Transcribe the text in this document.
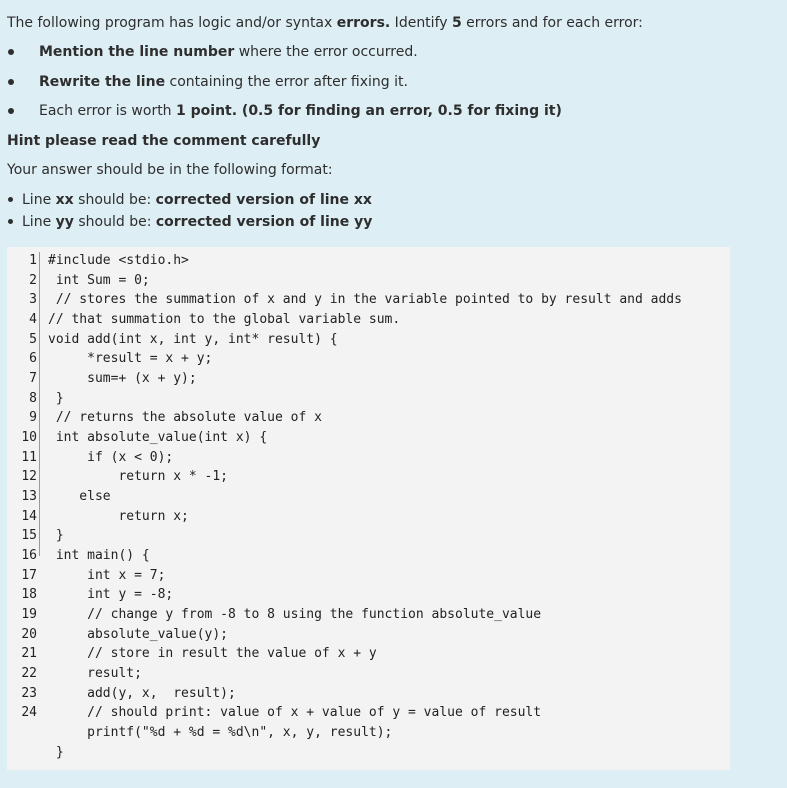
The following program has logic and/or syntax errors. Identify 5 errors and for each error:
Mention the line number where the error occurred.
Rewrite the line containing the error after fixing it.
Each error is worth 1 point. (0.5 for finding an error, 0.5 for fixing it)
Hint please read the comment carefully
Your answer should be in the following format:
Line xx should be: corrected version of line xx
Line yy should be: corrected version of line yy
1
2
3
4
5
6
7
8
9
10
11
12
13
14
15
16
17
18
19
20
21
22
23
24
#include <stdio.h>
int Sum = 0;
// stores the summation of x and y in the variable pointed to by result and adds
// that summation to the global variable sum.
void add(int x, int y, int* result) {
*result = x + y;
sum=+ (x + y);
}
// returns the absolute value of x
int absolute_value(int x) {
if (x < 0);
return x * -1;
else
return x;
}
int main() {
int x = 7;
int y = -8;
// change y from -8 to 8 using the function absolute_value
absolute_value(y);
// store in result the value of x + y
result;
add(y, x,  result);
// should print: value of x + value of y = value of result
printf("%d + %d = %d\n", x, y, result);
}
